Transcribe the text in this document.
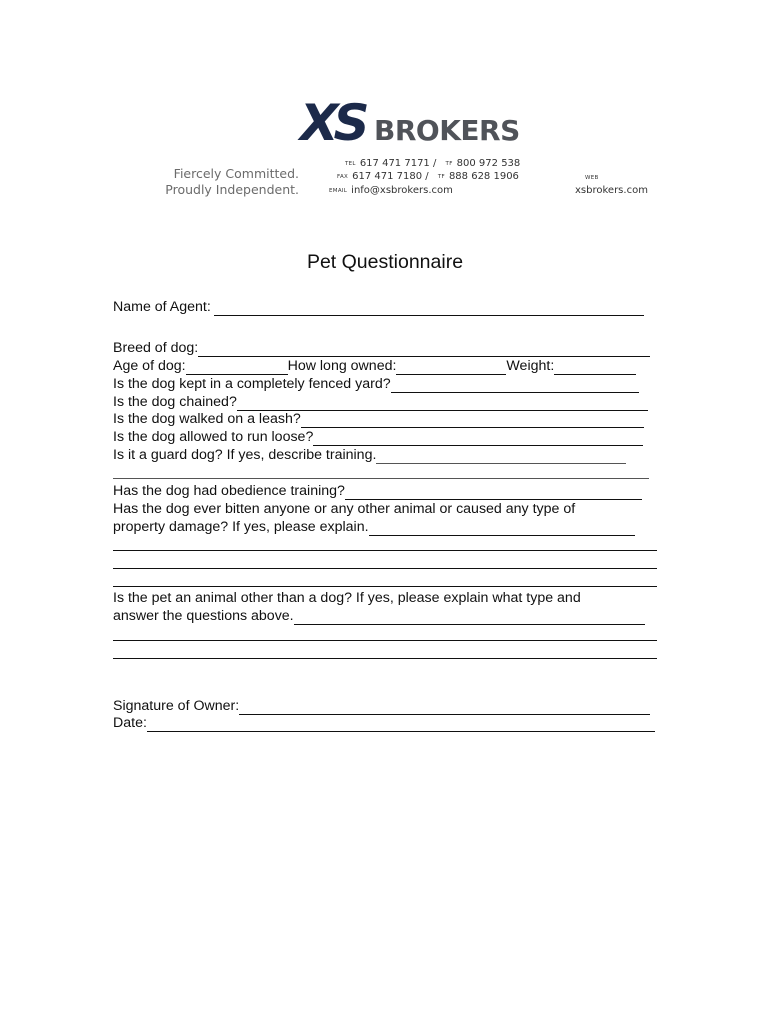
XS BROKERS
Fiercely Committed.
Proudly Independent.
TEL 617 471 7171 / TF 800 972 538
FAX 617 471 7180 / TF 888 628 1906
EMAIL info@xsbrokers.com
WEB
xsbrokers.com
Pet Questionnaire
Name of Agent:
Breed of dog:
Age of dog:	How long owned:	Weight:
Is the dog kept in a completely fenced yard?
Is the dog chained?
Is the dog walked on a leash?
Is the dog allowed to run loose?
Is it a guard dog? If yes, describe training.
Has the dog had obedience training?
Has the dog ever bitten anyone or any other animal or caused any type of
property damage? If yes, please explain.
Is the pet an animal other than a dog? If yes, please explain what type and
answer the questions above.
Signature of Owner:
Date:
